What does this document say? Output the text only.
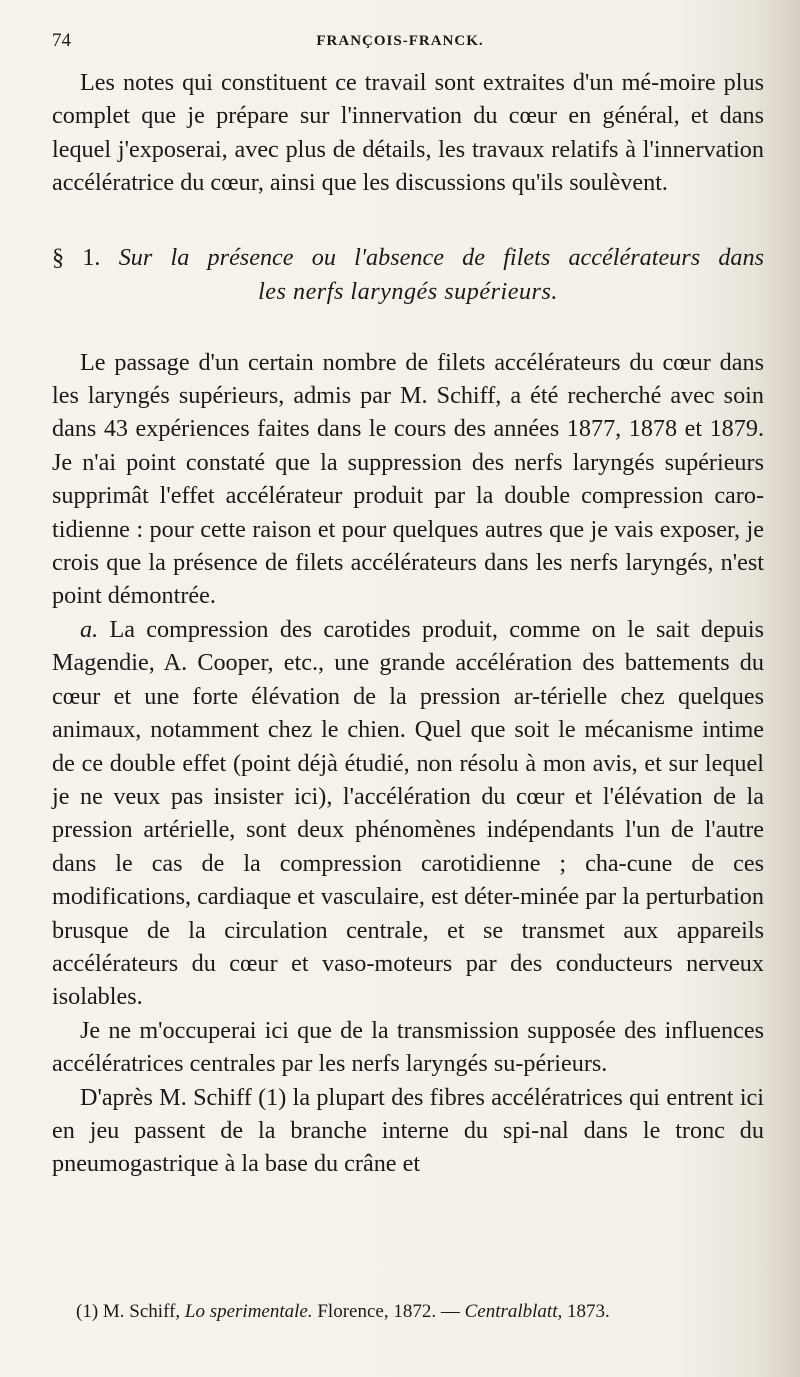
74	FRANÇOIS-FRANCK.

Les notes qui constituent ce travail sont extraites d'un mé-moire plus complet que je prépare sur l'innervation du cœur en général, et dans lequel j'exposerai, avec plus de détails, les travaux relatifs à l'innervation accélératrice du cœur, ainsi que les discussions qu'ils soulèvent.

§ 1. Sur la présence ou l'absence de filets accélérateurs dans
les nerfs laryngés supérieurs.

Le passage d'un certain nombre de filets accélérateurs du cœur dans les laryngés supérieurs, admis par M. Schiff, a été recherché avec soin dans 43 expériences faites dans le cours des années 1877, 1878 et 1879. Je n'ai point constaté que la suppression des nerfs laryngés supérieurs supprimât l'effet accélérateur produit par la double compression caro-tidienne : pour cette raison et pour quelques autres que je vais exposer, je crois que la présence de filets accélérateurs dans les nerfs laryngés, n'est point démontrée.

a. La compression des carotides produit, comme on le sait depuis Magendie, A. Cooper, etc., une grande accélération des battements du cœur et une forte élévation de la pression ar-térielle chez quelques animaux, notamment chez le chien. Quel que soit le mécanisme intime de ce double effet (point déjà étudié, non résolu à mon avis, et sur lequel je ne veux pas insister ici), l'accélération du cœur et l'élévation de la pression artérielle, sont deux phénomènes indépendants l'un de l'autre dans le cas de la compression carotidienne ; cha-cune de ces modifications, cardiaque et vasculaire, est déter-minée par la perturbation brusque de la circulation centrale, et se transmet aux appareils accélérateurs du cœur et vaso-moteurs par des conducteurs nerveux isolables.

Je ne m'occuperai ici que de la transmission supposée des influences accélératrices centrales par les nerfs laryngés su-périeurs.

D'après M. Schiff (1) la plupart des fibres accélératrices qui entrent ici en jeu passent de la branche interne du spi-nal dans le tronc du pneumogastrique à la base du crâne et

(1) M. Schiff, Lo sperimentale. Florence, 1872. — Centralblatt, 1873.
